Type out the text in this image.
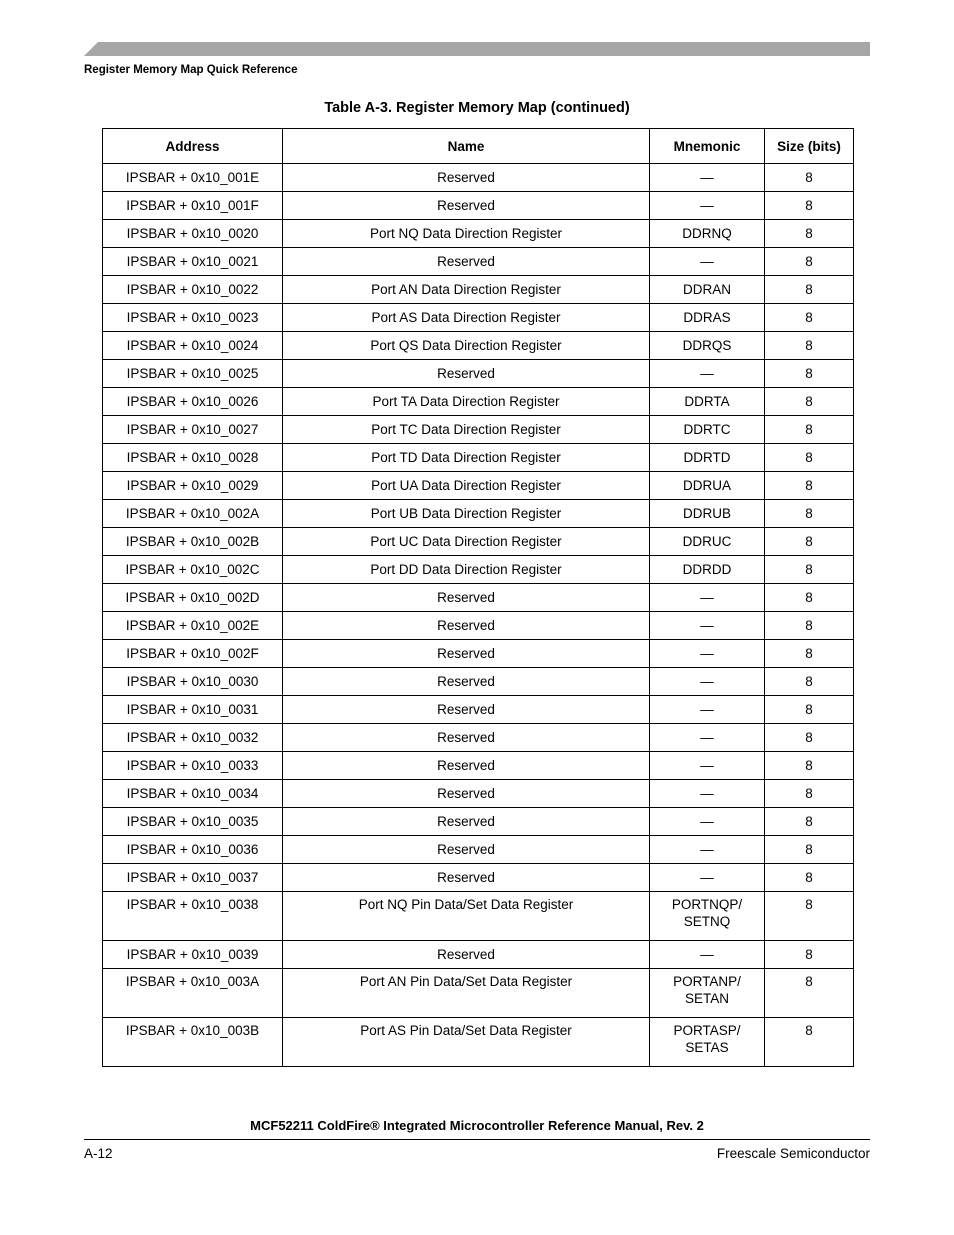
Register Memory Map Quick Reference
Table A-3. Register Memory Map (continued)
Address	Name	Mnemonic	Size (bits)
IPSBAR + 0x10_001E	Reserved	—	8
IPSBAR + 0x10_001F	Reserved	—	8
IPSBAR + 0x10_0020	Port NQ Data Direction Register	DDRNQ	8
IPSBAR + 0x10_0021	Reserved	—	8
IPSBAR + 0x10_0022	Port AN Data Direction Register	DDRAN	8
IPSBAR + 0x10_0023	Port AS Data Direction Register	DDRAS	8
IPSBAR + 0x10_0024	Port QS Data Direction Register	DDRQS	8
IPSBAR + 0x10_0025	Reserved	—	8
IPSBAR + 0x10_0026	Port TA Data Direction Register	DDRTA	8
IPSBAR + 0x10_0027	Port TC Data Direction Register	DDRTC	8
IPSBAR + 0x10_0028	Port TD Data Direction Register	DDRTD	8
IPSBAR + 0x10_0029	Port UA Data Direction Register	DDRUA	8
IPSBAR + 0x10_002A	Port UB Data Direction Register	DDRUB	8
IPSBAR + 0x10_002B	Port UC Data Direction Register	DDRUC	8
IPSBAR + 0x10_002C	Port DD Data Direction Register	DDRDD	8
IPSBAR + 0x10_002D	Reserved	—	8
IPSBAR + 0x10_002E	Reserved	—	8
IPSBAR + 0x10_002F	Reserved	—	8
IPSBAR + 0x10_0030	Reserved	—	8
IPSBAR + 0x10_0031	Reserved	—	8
IPSBAR + 0x10_0032	Reserved	—	8
IPSBAR + 0x10_0033	Reserved	—	8
IPSBAR + 0x10_0034	Reserved	—	8
IPSBAR + 0x10_0035	Reserved	—	8
IPSBAR + 0x10_0036	Reserved	—	8
IPSBAR + 0x10_0037	Reserved	—	8
IPSBAR + 0x10_0038	Port NQ Pin Data/Set Data Register	PORTNQP/
SETNQ	8
IPSBAR + 0x10_0039	Reserved	—	8
IPSBAR + 0x10_003A	Port AN Pin Data/Set Data Register	PORTANP/
SETAN	8
IPSBAR + 0x10_003B	Port AS Pin Data/Set Data Register	PORTASP/
SETAS	8
MCF52211 ColdFire® Integrated Microcontroller Reference Manual, Rev. 2
A-12	Freescale Semiconductor
